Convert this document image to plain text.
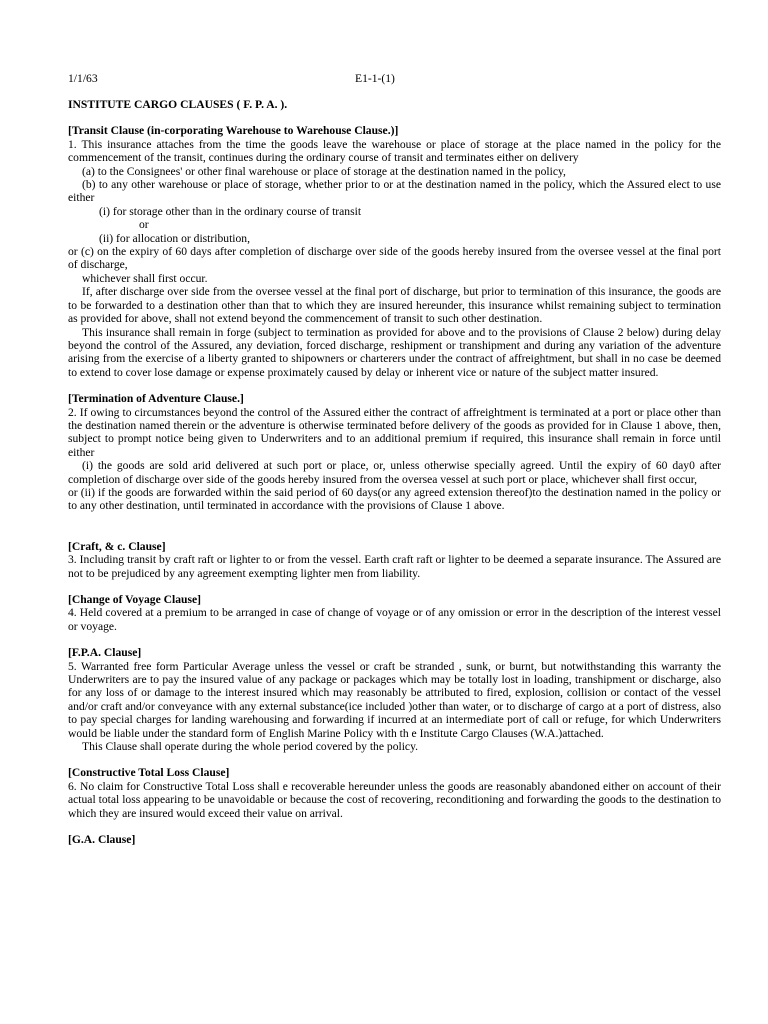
1/1/63	E1-1-(1)
INSTITUTE CARGO CLAUSES ( F. P. A. ).
[Transit Clause (in-corporating Warehouse to Warehouse Clause.)]

1. This insurance attaches from the time the goods leave the warehouse or place of storage at the place named in the policy for the commencement of the transit, continues during the ordinary course of transit and terminates either on delivery

(a) to the Consignees' or other final warehouse or place of storage at the destination named in the policy,

(b) to any other warehouse or place of storage, whether prior to or at the destination named in the policy, which the Assured elect to use either

(i) for storage other than in the ordinary course of transit

or

(ii) for allocation or distribution,

or (c) on the expiry of 60 days after completion of discharge over side of the goods hereby insured from the oversee vessel at the final port of discharge,

whichever shall first occur.

If, after discharge over side from the oversee vessel at the final port of discharge, but prior to termination of this insurance, the goods are to be forwarded to a destination other than that to which they are insured hereunder, this insurance whilst remaining subject to termination as provided for above, shall not extend beyond the commencement of transit to such other destination.

This insurance shall remain in forge (subject to termination as provided for above and to the provisions of Clause 2 below) during delay beyond the control of the Assured, any deviation, forced discharge, reshipment or transhipment and during any variation of the adventure arising from the exercise of a liberty granted to shipowners or charterers under the contract of affreightment, but shall in no case be deemed to extend to cover lose damage or expense proximately caused by delay or inherent vice or nature of the subject matter insured.

[Termination of Adventure Clause.]

2. If owing to circumstances beyond the control of the Assured either the contract of affreightment is terminated at a port or place other than the destination named therein or the adventure is otherwise terminated before delivery of the goods as provided for in Clause 1 above, then, subject to prompt notice being given to Underwriters and to an additional premium if required, this insurance shall remain in force until either

(i) the goods are sold arid delivered at such port or place, or, unless otherwise specially agreed. Until the expiry of 60 day0 after completion of discharge over side of the goods hereby insured from the oversea vessel at such port or place, whichever shall first occur,

or (ii) if the goods are forwarded within the said period of 60 days(or any agreed extension thereof)to the destination named in the policy or to any other destination, until terminated in accordance with the provisions of Clause 1 above.

[Craft, & c. Clause]

3. Including transit by craft raft or lighter to or from the vessel. Earth craft raft or lighter to be deemed a separate insurance. The Assured are not to be prejudiced by any agreement exempting lighter men from liability.

[Change of Voyage Clause]

4. Held covered at a premium to be arranged in case of change of voyage or of any omission or error in the description of the interest vessel or voyage.

[F.P.A. Clause]

5. Warranted free form Particular Average unless the vessel or craft be stranded , sunk, or burnt, but notwithstanding this warranty the Underwriters are to pay the insured value of any package or packages which may be totally lost in loading, transhipment or discharge, also for any loss of or damage to the interest insured which may reasonably be attributed to fired, explosion, collision or contact of the vessel and/or craft and/or conveyance with any external substance(ice included )other than water, or to discharge of cargo at a port of distress, also to pay special charges for landing warehousing and forwarding if incurred at an intermediate port of call or refuge, for which Underwriters would be liable under the standard form of English Marine Policy with th e Institute Cargo Clauses (W.A.)attached.

This Clause shall operate during the whole period covered by the policy.

[Constructive Total Loss Clause]

6. No claim for Constructive Total Loss shall e recoverable hereunder unless the goods are reasonably abandoned either on account of their actual total loss appearing to be unavoidable or because the cost of recovering, reconditioning and forwarding the goods to the destination to which they are insured would exceed their value on arrival.

[G.A. Clause]
